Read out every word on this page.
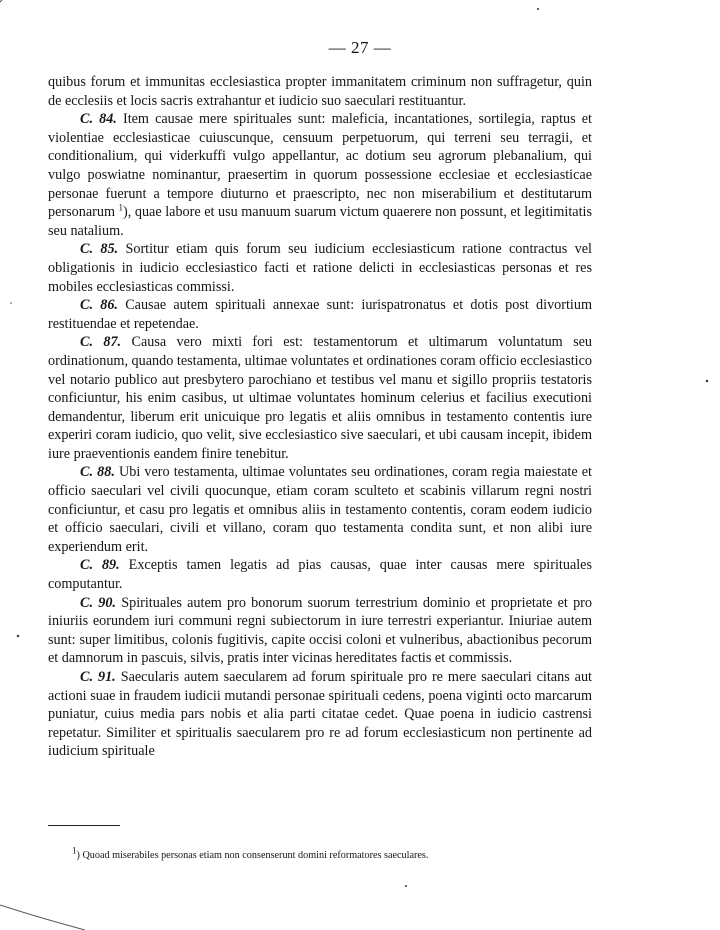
— 27 —

quibus forum et immunitas ecclesiastica propter immanitatem criminum non suffragetur, quin de ecclesiis et locis sacris extrahantur et iudicio suo saeculari restituantur.

C. 84. Item causae mere spirituales sunt: maleficia, incantationes, sortilegia, raptus et violentiae ecclesiasticae cuiuscunque, censuum perpetuorum, qui terreni seu terragii, et conditionalium, qui viderkuffi vulgo appellantur, ac dotium seu agrorum plebanalium, qui vulgo poswiatne nominantur, praesertim in quorum possessione ecclesiae et ecclesiasticae personae fuerunt a tempore diuturno et praescripto, nec non miserabilium et destitutarum personarum $^1$), quae labore et usu manuum suarum victum quaerere non possunt, et legitimitatis seu natalium.

C. 85. Sortitur etiam quis forum seu iudicium ecclesiasticum ratione contractus vel obligationis in iudicio ecclesiastico facti et ratione delicti in ecclesiasticas personas et res mobiles ecclesiasticas commissi.

C. 86. Causae autem spirituali annexae sunt: iurispatronatus et dotis post divortium restituendae et repetendae.

C. 87. Causa vero mixti fori est: testamentorum et ultimarum voluntatum seu ordinationum, quando testamenta, ultimae voluntates et ordinationes coram officio ecclesiastico vel notario publico aut presbytero parochiano et testibus vel manu et sigillo propriis testatoris conficiuntur, his enim casibus, ut ultimae voluntates hominum celerius et facilius executioni demandentur, liberum erit unicuique pro legatis et aliis omnibus in testamento contentis iure experiri coram iudicio, quo velit, sive ecclesiastico sive saeculari, et ubi causam incepit, ibidem iure praeventionis eandem finire tenebitur.

C. 88. Ubi vero testamenta, ultimae voluntates seu ordinationes, coram regia maiestate et officio saeculari vel civili quocunque, etiam coram sculteto et scabinis villarum regni nostri conficiuntur, et casu pro legatis et omnibus aliis in testamento contentis, coram eodem iudicio et officio saeculari, civili et villano, coram quo testamenta condita sunt, et non alibi iure experiendum erit.

C. 89. Exceptis tamen legatis ad pias causas, quae inter causas mere spirituales computantur.

C. 90. Spirituales autem pro bonorum suorum terrestrium dominio et proprietate et pro iniuriis eorundem iuri communi regni subiectorum in iure terrestri experiantur. Iniuriae autem sunt: super limitibus, colonis fugitivis, capite occisi coloni et vulneribus, abactionibus pecorum et damnorum in pascuis, silvis, pratis inter vicinas hereditates factis et commissis.

C. 91. Saecularis autem saecularem ad forum spirituale pro re mere saeculari citans aut actioni suae in fraudem iudicii mutandi personae spirituali cedens, poena viginti octo marcarum puniatur, cuius media pars nobis et alia parti citatae cedet. Quae poena in iudicio castrensi repetatur. Similiter et spiritualis saecularem pro re ad forum ecclesiasticum non pertinente ad iudicium spirituale

$^1$) Quoad miserabiles personas etiam non consenserunt domini reformatores saeculares.
